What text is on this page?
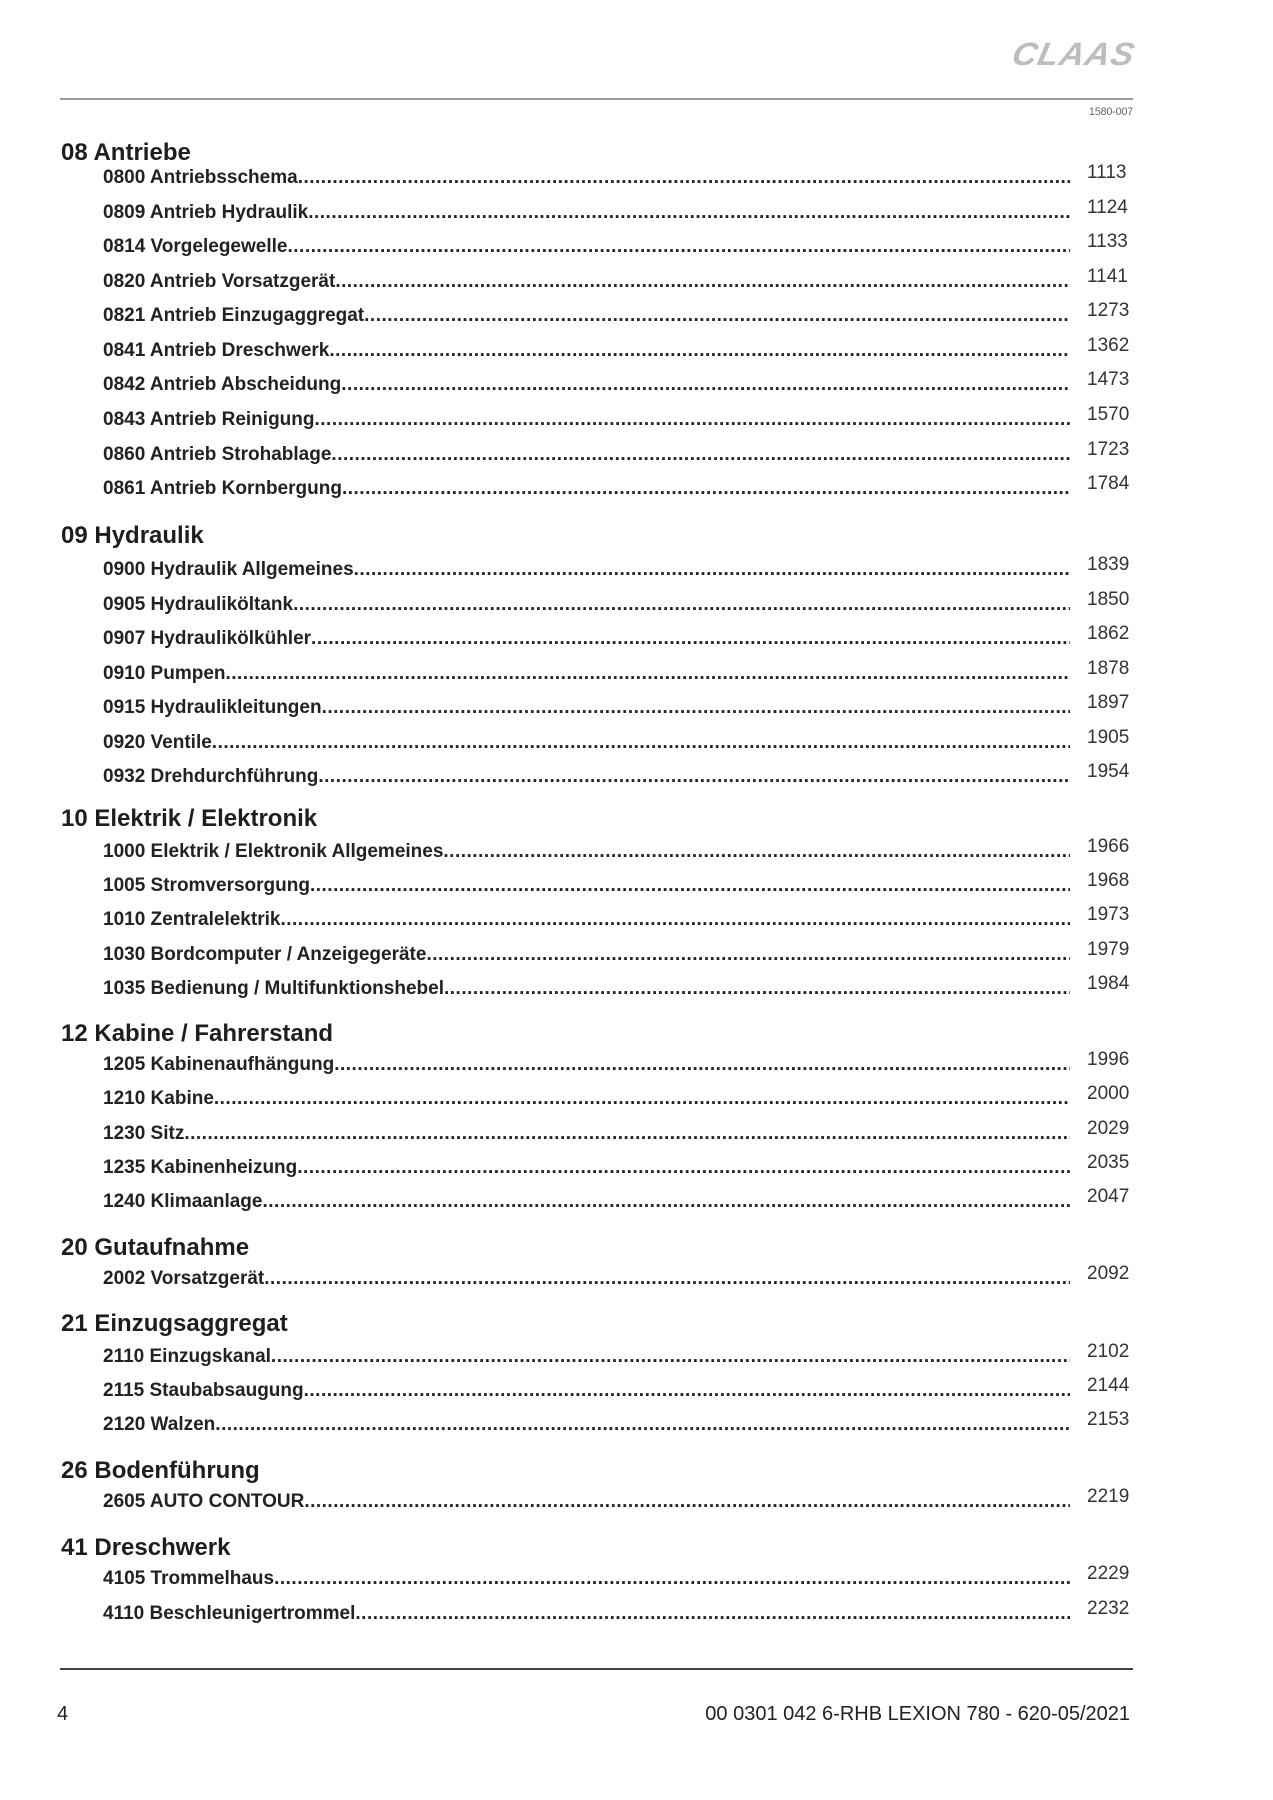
CLAAS
1580-007
08 Antriebe
0800 Antriebsschema .....	1113
0809 Antrieb Hydraulik .....	1124
0814 Vorgelegewelle .....	1133
0820 Antrieb Vorsatzgerät .....	1141
0821 Antrieb Einzugaggregat .....	1273
0841 Antrieb Dreschwerk .....	1362
0842 Antrieb Abscheidung .....	1473
0843 Antrieb Reinigung .....	1570
0860 Antrieb Strohablage .....	1723
0861 Antrieb Kornbergung .....	1784
09 Hydraulik
0900 Hydraulik Allgemeines .....	1839
0905 Hydrauliköltank .....	1850
0907 Hydraulikölkühler .....	1862
0910 Pumpen .....	1878
0915 Hydraulikleitungen .....	1897
0920 Ventile .....	1905
0932 Drehdurchführung .....	1954
10 Elektrik / Elektronik
1000 Elektrik / Elektronik Allgemeines .....	1966
1005 Stromversorgung .....	1968
1010 Zentralelektrik .....	1973
1030 Bordcomputer / Anzeigegeräte .....	1979
1035 Bedienung / Multifunktionshebel .....	1984
12 Kabine / Fahrerstand
1205 Kabinenaufhängung .....	1996
1210 Kabine .....	2000
1230 Sitz .....	2029
1235 Kabinenheizung .....	2035
1240 Klimaanlage .....	2047
20 Gutaufnahme
2002 Vorsatzgerät .....	2092
21 Einzugsaggregat
2110 Einzugskanal .....	2102
2115 Staubabsaugung .....	2144
2120 Walzen .....	2153
26 Bodenführung
2605 AUTO CONTOUR .....	2219
41 Dreschwerk
4105 Trommelhaus .....	2229
4110 Beschleunigertrommel .....	2232
4	00 0301 042 6-RHB LEXION 780 - 620-05/2021
